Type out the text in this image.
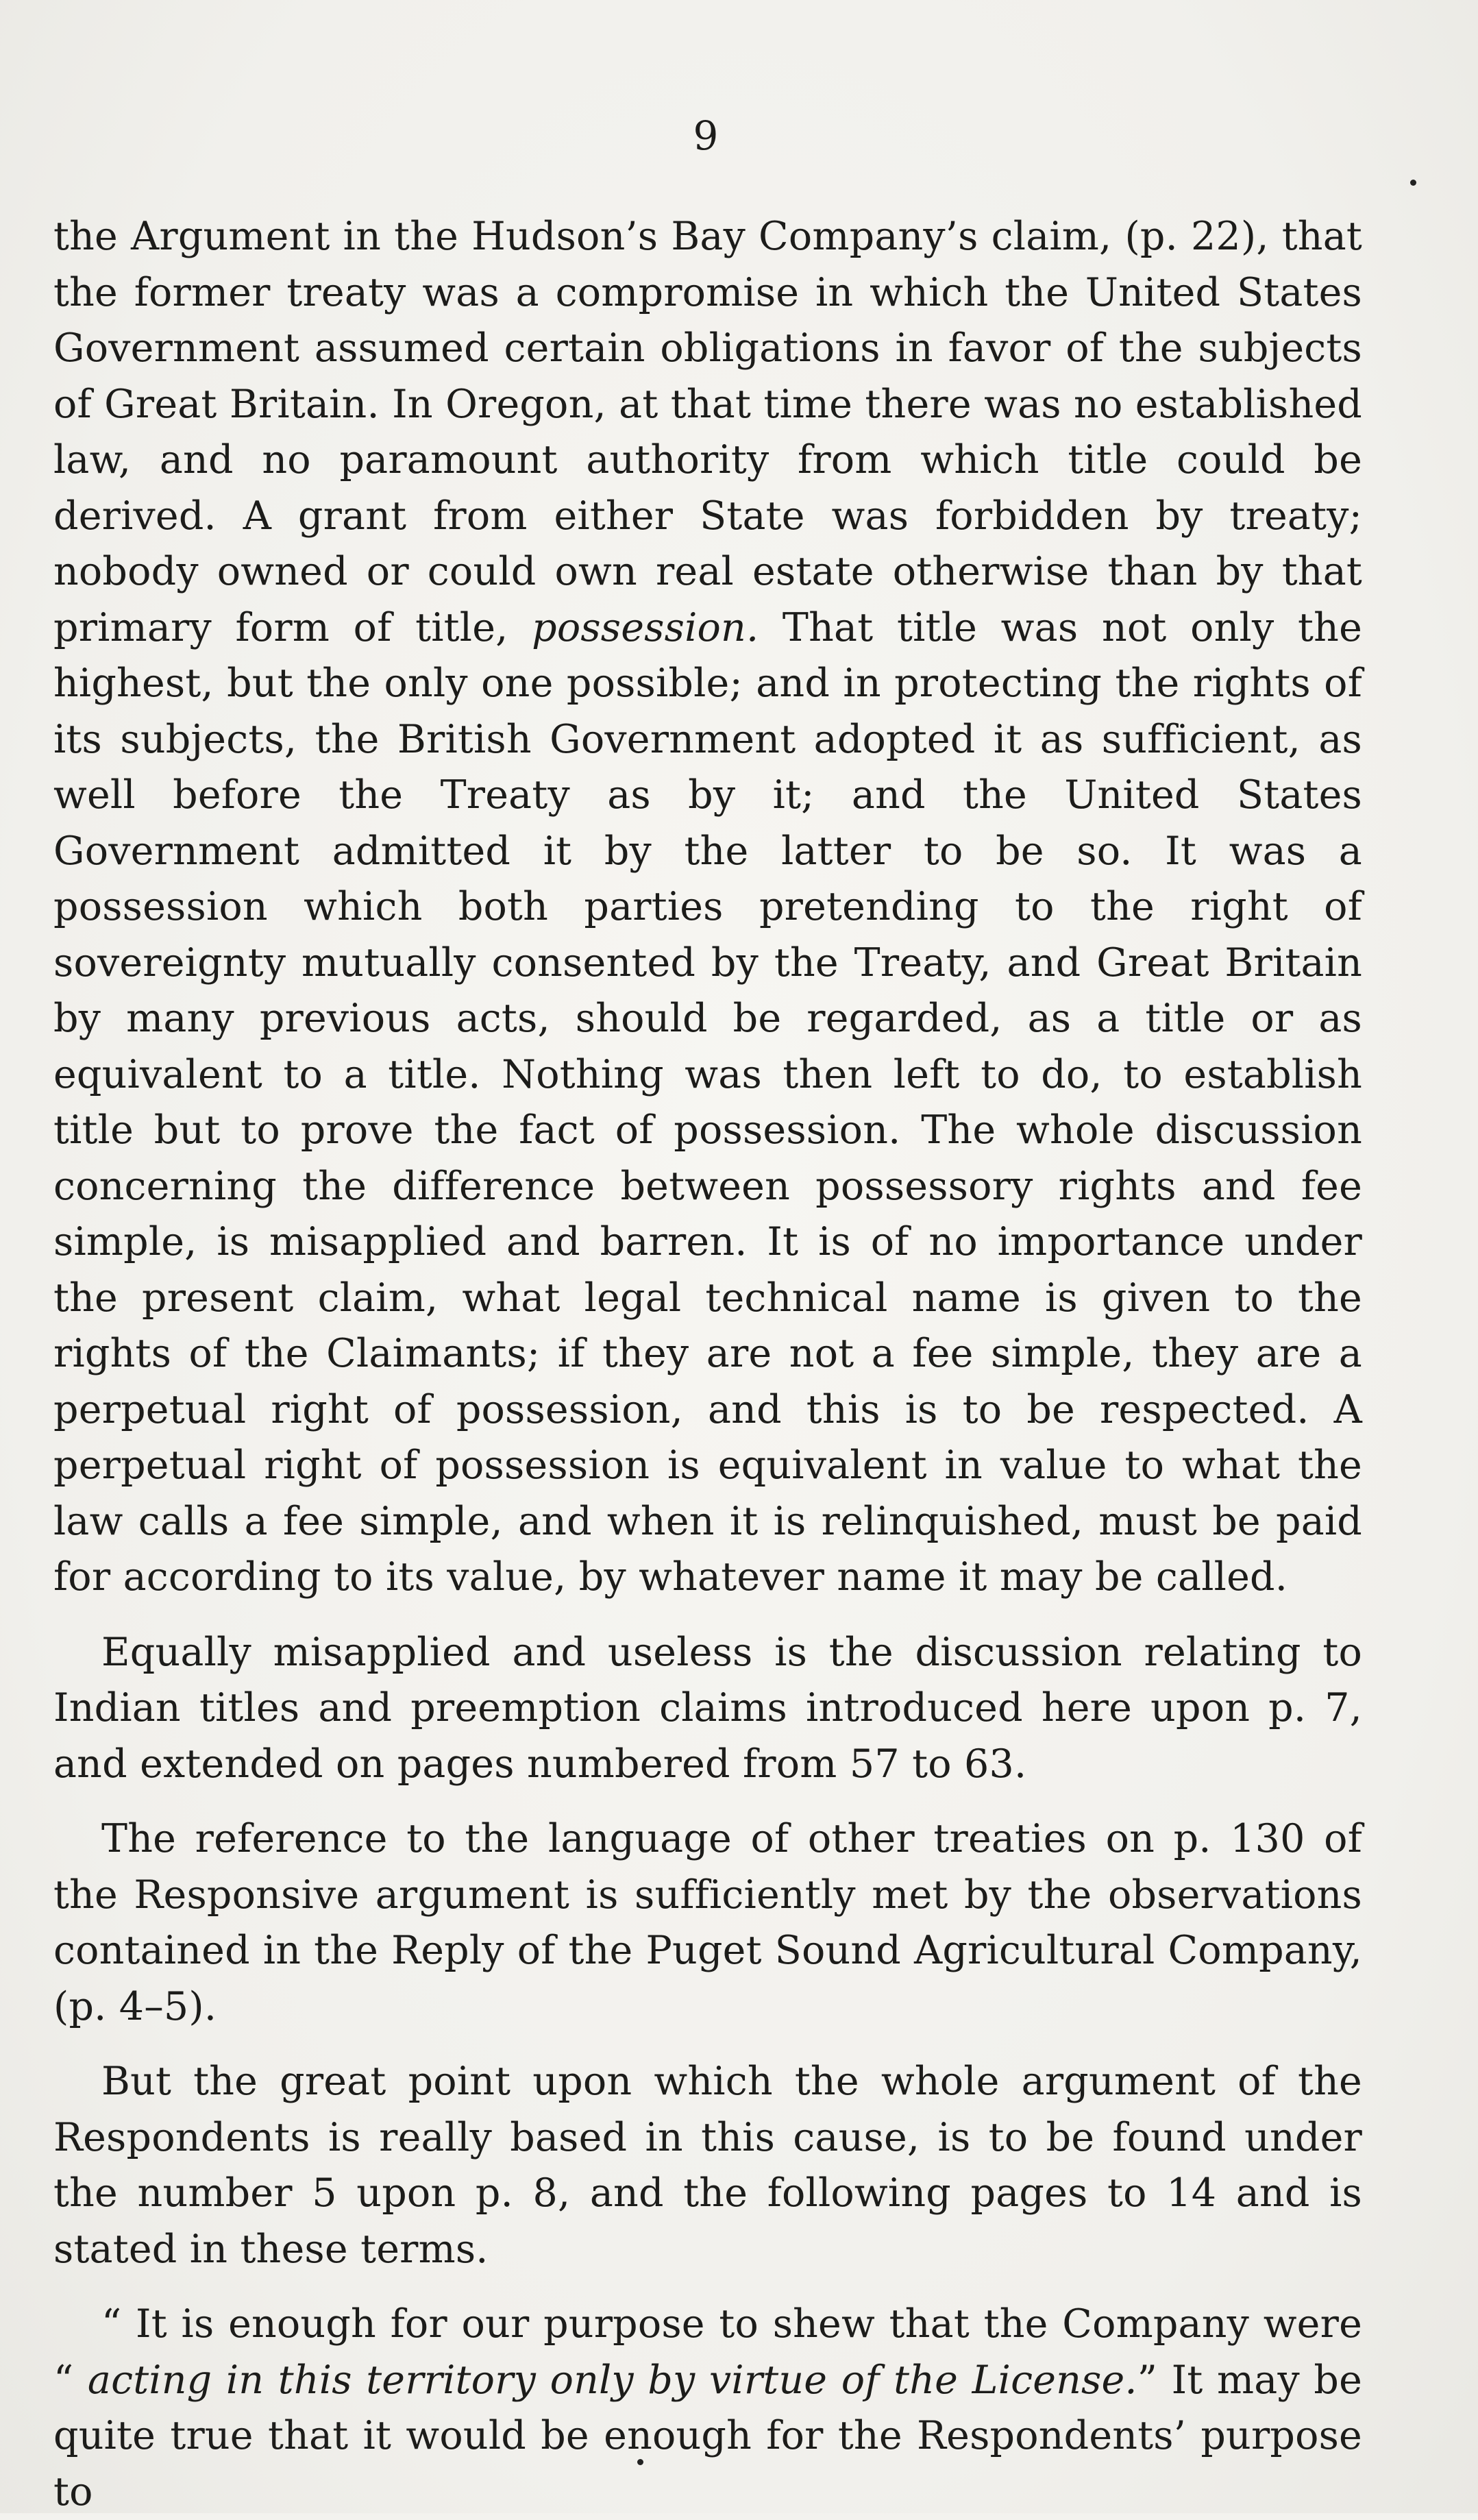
9

the Argument in the Hudson’s Bay Company’s claim, (p. 22), that the former treaty was a compromise in which the United States Government assumed certain obligations in favor of the subjects of Great Britain. In Oregon, at that time there was no established law, and no paramount authority from which title could be derived. A grant from either State was forbidden by treaty; nobody owned or could own real estate otherwise than by that primary form of title, possession. That title was not only the highest, but the only one possible; and in protecting the rights of its subjects, the British Government adopted it as sufficient, as well before the Treaty as by it; and the United States Government admitted it by the latter to be so. It was a possession which both parties pretending to the right of sovereignty mutually consented by the Treaty, and Great Britain by many previous acts, should be regarded, as a title or as equivalent to a title. Nothing was then left to do, to establish title but to prove the fact of possession. The whole discussion concerning the difference between possessory rights and fee simple, is misapplied and barren. It is of no importance under the present claim, what legal technical name is given to the rights of the Claimants; if they are not a fee simple, they are a perpetual right of possession, and this is to be respected. A perpetual right of possession is equivalent in value to what the law calls a fee simple, and when it is relinquished, must be paid for according to its value, by whatever name it may be called.

Equally misapplied and useless is the discussion relating to Indian titles and preemption claims introduced here upon p. 7, and extended on pages numbered from 57 to 63.

The reference to the language of other treaties on p. 130 of the Responsive argument is sufficiently met by the observations contained in the Reply of the Puget Sound Agricultural Company, (p. 4–5).

But the great point upon which the whole argument of the Respondents is really based in this cause, is to be found under the number 5 upon p. 8, and the following pages to 14 and is stated in these terms.

“ It is enough for our purpose to shew that the Company were “ acting in this territory only by virtue of the License.” It may be quite true that it would be enough for the Respondents’ purpose to
